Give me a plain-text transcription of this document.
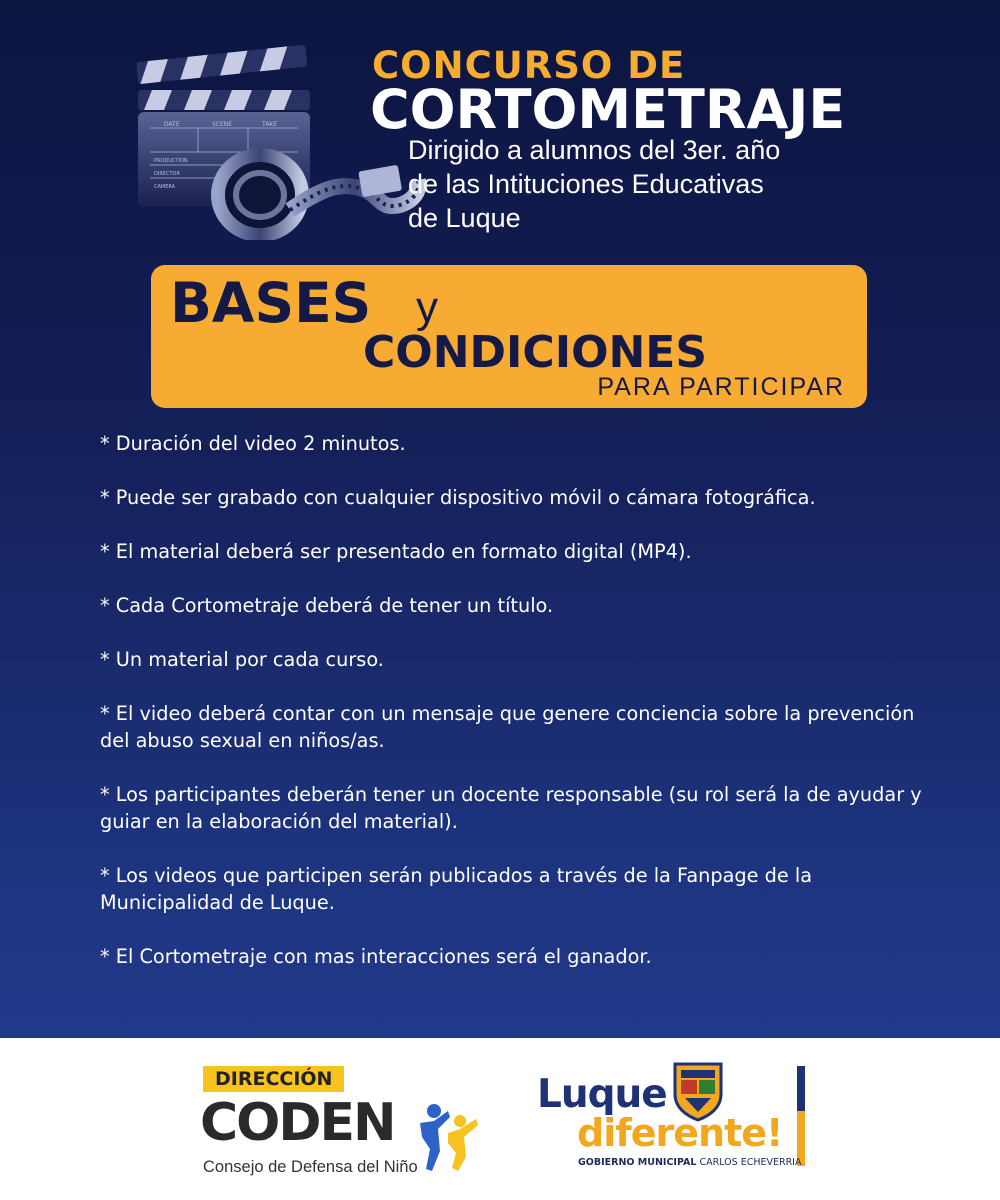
DATE	SCENE	TAKE
PRODUCTION
DIRECTOR
CAMERA
CONCURSO DE
CORTOMETRAJE
Dirigido a alumnos del 3er. año
de las Intituciones Educativas
de Luque
BASES y
CONDICIONES
PARA PARTICIPAR
* Duración del video 2 minutos.
* Puede ser grabado con cualquier dispositivo móvil o cámara fotográfica.
* El material deberá ser presentado en formato digital (MP4).
* Cada Cortometraje deberá de tener un título.
* Un material por cada curso.
* El video deberá contar con un mensaje que genere conciencia sobre la prevención del abuso sexual en niños/as.
* Los participantes deberán tener un docente responsable (su rol será la de ayudar y guiar en la elaboración del material).
* Los videos que participen serán publicados a través de la Fanpage de la Municipalidad de Luque.
* El Cortometraje con mas interacciones será el ganador.
DIRECCIÓN
CODEN
Consejo de Defensa del Niño
Luque
diferente!
GOBIERNO MUNICIPAL CARLOS ECHEVERRIA
